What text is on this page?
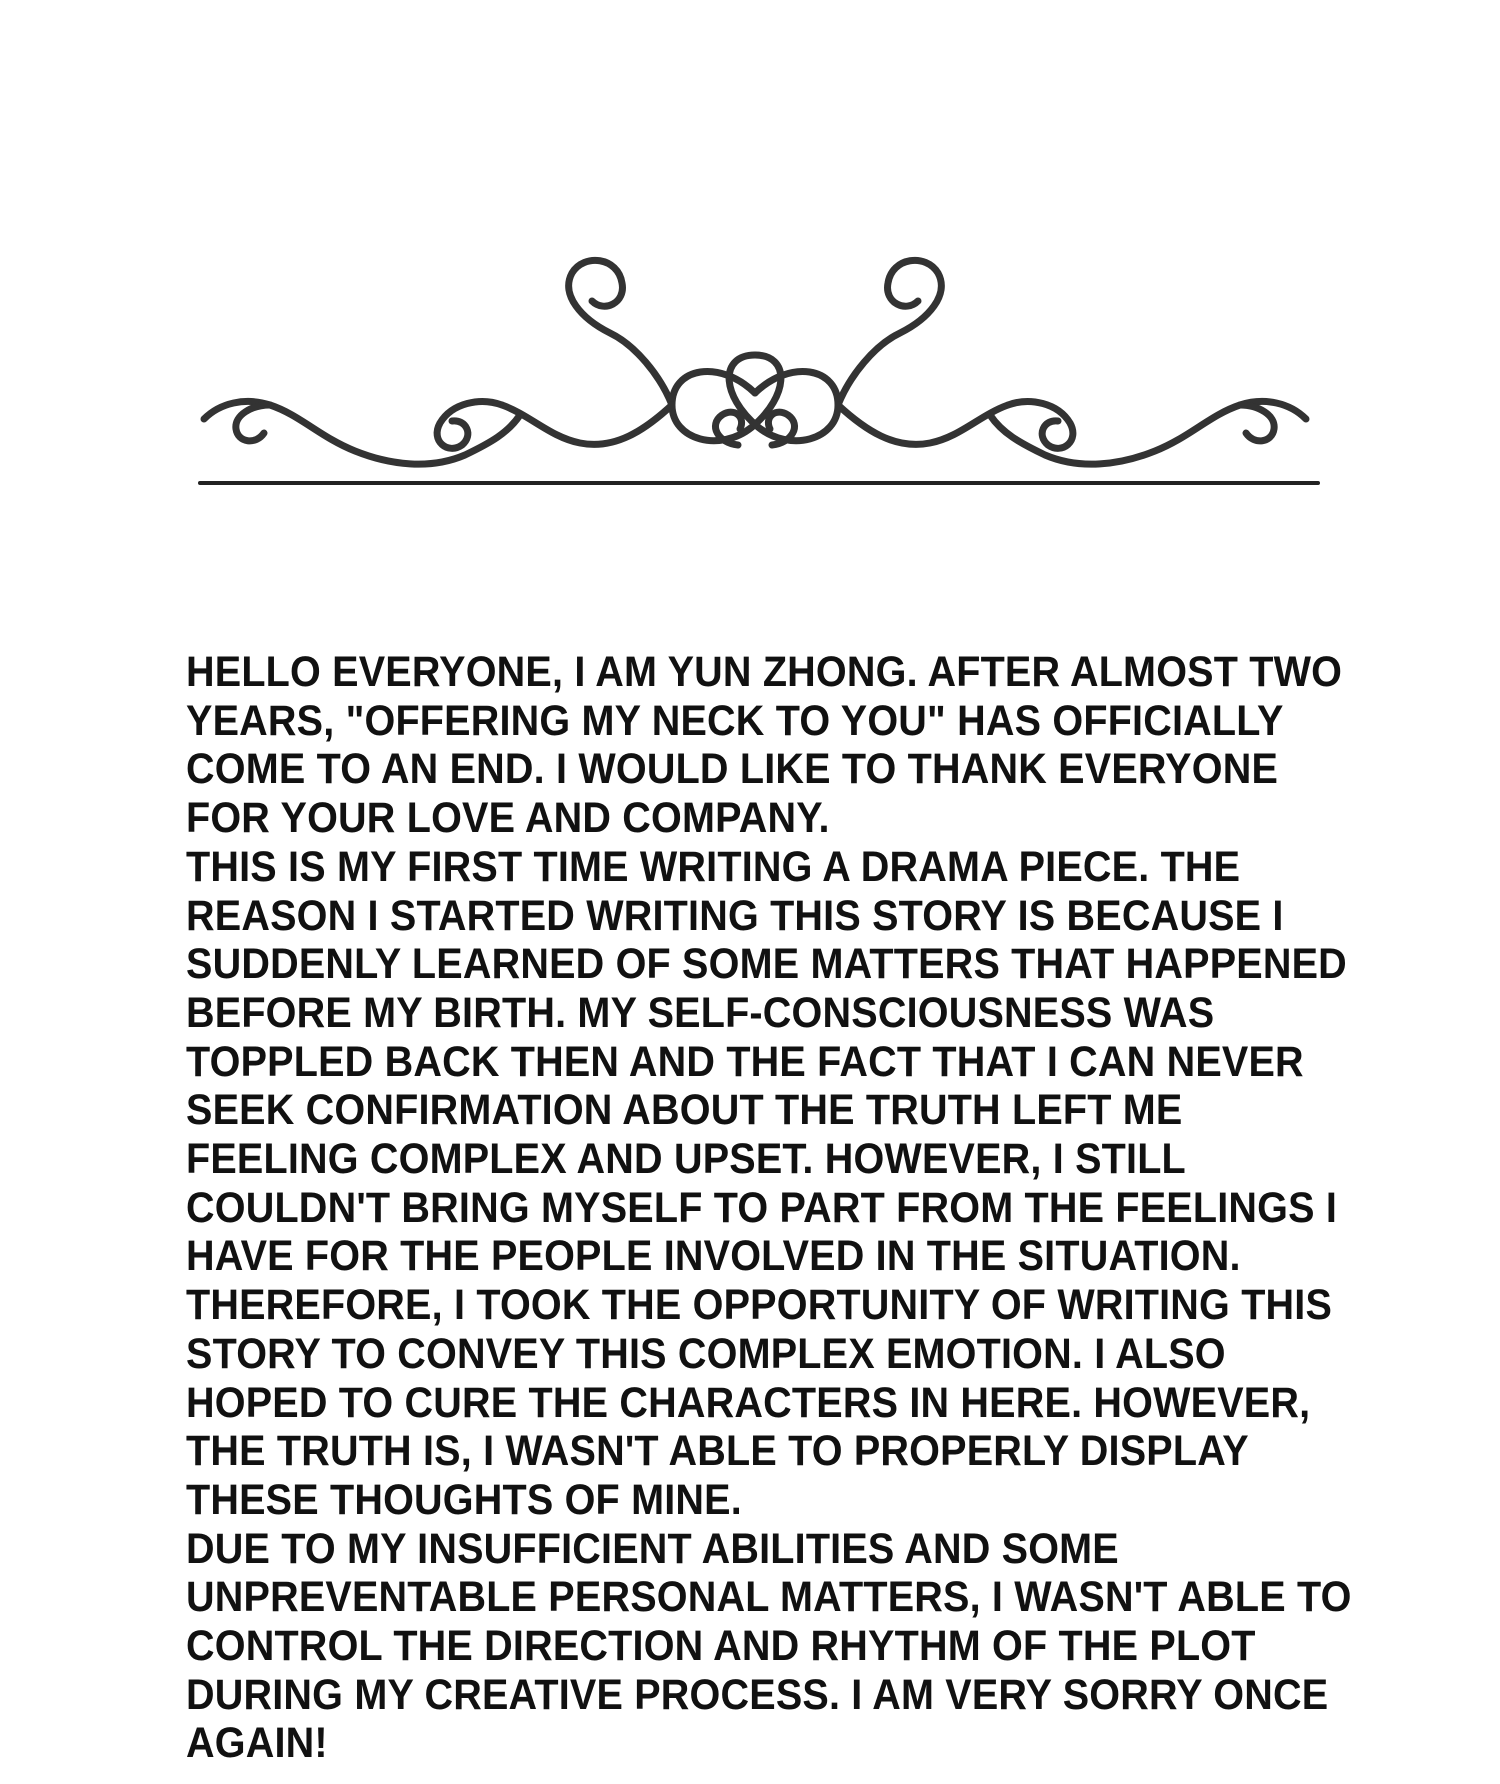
HELLO EVERYONE, I AM YUN ZHONG. AFTER ALMOST TWO
YEARS, "OFFERING MY NECK TO YOU" HAS OFFICIALLY
COME TO AN END. I WOULD LIKE TO THANK EVERYONE
FOR YOUR LOVE AND COMPANY.
THIS IS MY FIRST TIME WRITING A DRAMA PIECE. THE
REASON I STARTED WRITING THIS STORY IS BECAUSE I
SUDDENLY LEARNED OF SOME MATTERS THAT HAPPENED
BEFORE MY BIRTH. MY SELF-CONSCIOUSNESS WAS
TOPPLED BACK THEN AND THE FACT THAT I CAN NEVER
SEEK CONFIRMATION ABOUT THE TRUTH LEFT ME
FEELING COMPLEX AND UPSET. HOWEVER, I STILL
COULDN'T BRING MYSELF TO PART FROM THE FEELINGS I
HAVE FOR THE PEOPLE INVOLVED IN THE SITUATION.
THEREFORE, I TOOK THE OPPORTUNITY OF WRITING THIS
STORY TO CONVEY THIS COMPLEX EMOTION. I ALSO
HOPED TO CURE THE CHARACTERS IN HERE. HOWEVER,
THE TRUTH IS, I WASN'T ABLE TO PROPERLY DISPLAY
THESE THOUGHTS OF MINE.
DUE TO MY INSUFFICIENT ABILITIES AND SOME
UNPREVENTABLE PERSONAL MATTERS, I WASN'T ABLE TO
CONTROL THE DIRECTION AND RHYTHM OF THE PLOT
DURING MY CREATIVE PROCESS. I AM VERY SORRY ONCE
AGAIN!
